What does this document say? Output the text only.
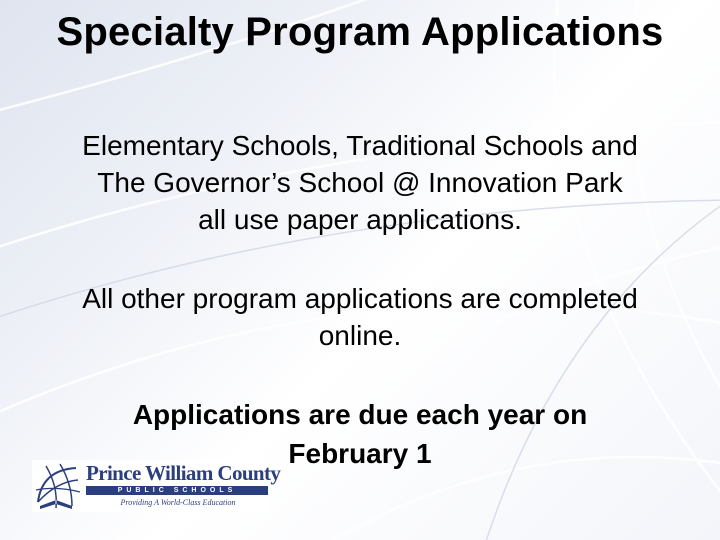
Specialty Program Applications
Elementary Schools, Traditional Schools and
The Governor’s School @ Innovation Park
all use paper applications.
All other program applications are completed
online.
Applications are due each year on
February 1
Prince William County
PUBLIC SCHOOLS
Providing A World-Class Education
